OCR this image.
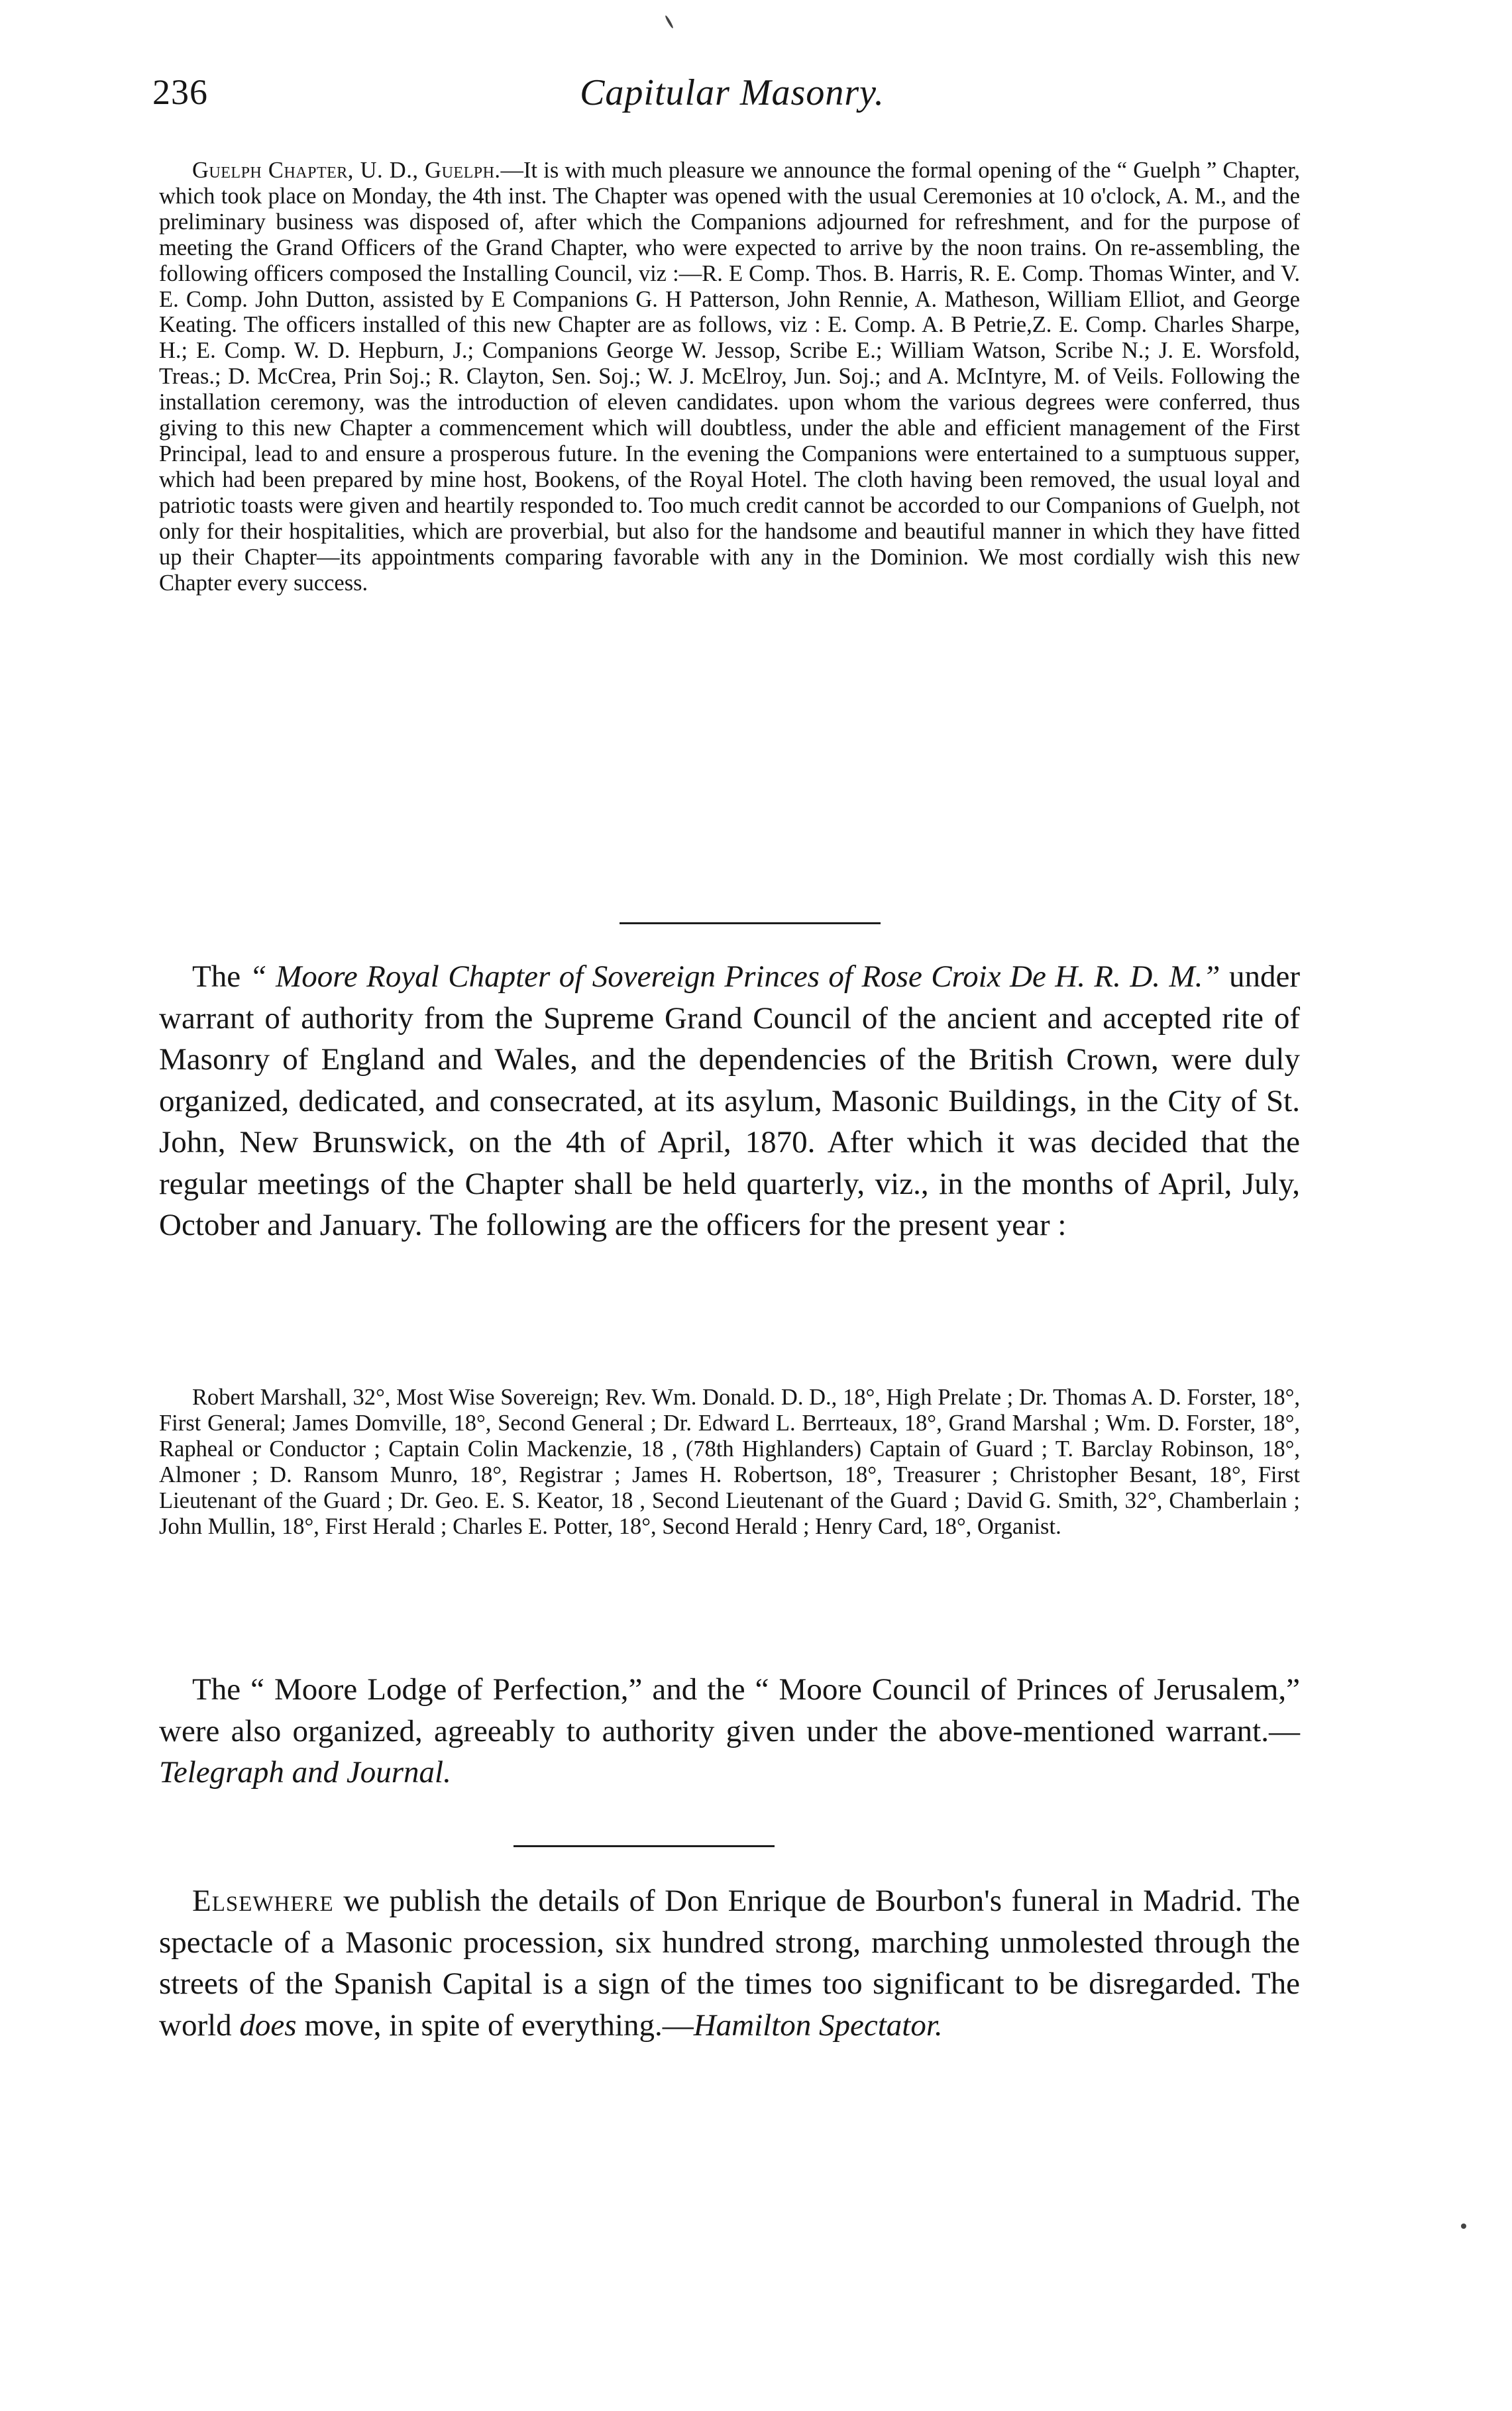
236	Capitular Masonry.

Guelph Chapter, U. D., Guelph.—It is with much pleasure we announce the formal opening of the “ Guelph ” Chapter, which took place on Monday, the 4th inst. The Chapter was opened with the usual Ceremonies at 10 o'clock, A. M., and the preliminary business was disposed of, after which the Companions adjourned for refreshment, and for the purpose of meeting the Grand Officers of the Grand Chapter, who were expected to arrive by the noon trains. On re-assembling, the following officers composed the Installing Council, viz :—R. E Comp. Thos. B. Harris, R. E. Comp. Thomas Winter, and V. E. Comp. John Dutton, assisted by E Companions G. H Patterson, John Rennie, A. Matheson, William Elliot, and George Keating. The officers installed of this new Chapter are as follows, viz : E. Comp. A. B Petrie,Z. E. Comp. Charles Sharpe, H.; E. Comp. W. D. Hepburn, J.; Companions George W. Jessop, Scribe E.; William Watson, Scribe N.; J. E. Worsfold, Treas.; D. McCrea, Prin Soj.; R. Clayton, Sen. Soj.; W. J. McElroy, Jun. Soj.; and A. McIntyre, M. of Veils. Following the installation ceremony, was the introduction of eleven candidates. upon whom the various degrees were conferred, thus giving to this new Chapter a commencement which will doubtless, under the able and efficient management of the First Principal, lead to and ensure a prosperous future. In the evening the Companions were entertained to a sumptuous supper, which had been prepared by mine host, Bookens, of the Royal Hotel. The cloth having been removed, the usual loyal and patriotic toasts were given and heartily responded to. Too much credit cannot be accorded to our Companions of Guelph, not only for their hospitalities, which are proverbial, but also for the handsome and beautiful manner in which they have fitted up their Chapter—its appointments comparing favorable with any in the Dominion. We most cordially wish this new Chapter every success.

The “ Moore Royal Chapter of Sovereign Princes of Rose Croix De H. R. D. M.” under warrant of authority from the Supreme Grand Council of the ancient and accepted rite of Masonry of England and Wales, and the dependencies of the British Crown, were duly organized, dedicated, and consecrated, at its asylum, Masonic Buildings, in the City of St. John, New Brunswick, on the 4th of April, 1870. After which it was decided that the regular meetings of the Chapter shall be held quarterly, viz., in the months of April, July, October and January. The following are the officers for the present year :

Robert Marshall, 32°, Most Wise Sovereign; Rev. Wm. Donald. D. D., 18°, High Prelate ; Dr. Thomas A. D. Forster, 18°, First General; James Domville, 18°, Second General ; Dr. Edward L. Berrteaux, 18°, Grand Marshal ; Wm. D. Forster, 18°, Rapheal or Conductor ; Captain Colin Mackenzie, 18 , (78th Highlanders) Captain of Guard ; T. Barclay Robinson, 18°, Almoner ; D. Ransom Munro, 18°, Registrar ; James H. Robertson, 18°, Treasurer ; Christopher Besant, 18°, First Lieutenant of the Guard ; Dr. Geo. E. S. Keator, 18 , Second Lieutenant of the Guard ; David G. Smith, 32°, Chamberlain ; John Mullin, 18°, First Herald ; Charles E. Potter, 18°, Second Herald ; Henry Card, 18°, Organist.

The “ Moore Lodge of Perfection,” and the “ Moore Council of Princes of Jerusalem,” were also organized, agreeably to authority given under the above-mentioned warrant.—Telegraph and Journal.

Elsewhere we publish the details of Don Enrique de Bourbon's funeral in Madrid. The spectacle of a Masonic procession, six hundred strong, marching unmolested through the streets of the Spanish Capital is a sign of the times too significant to be disregarded. The world does move, in spite of everything.—Hamilton Spectator.
